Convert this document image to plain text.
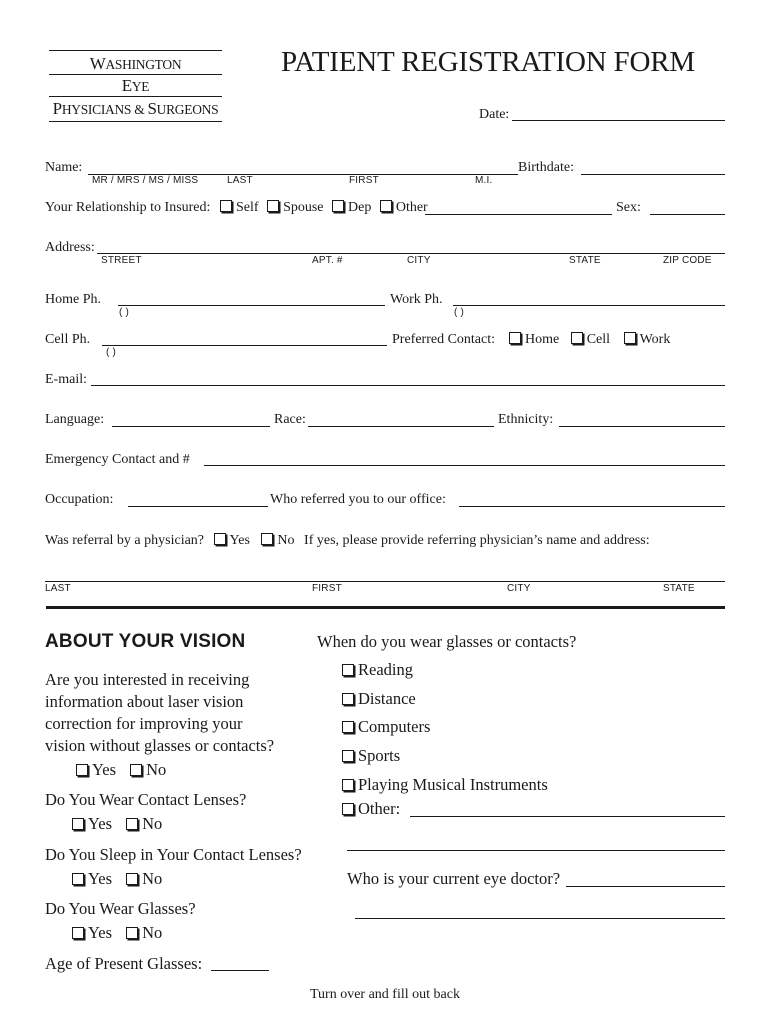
WASHINGTON
EYE
PHYSICIANS & SURGEONS
PATIENT REGISTRATION FORM
Date:
Name:
MR / MRS / MS / MISS	LAST	FIRST	M.I.
Birthdate:
Your Relationship to Insured:	Self Spouse Dep Other	Sex:
Address:
STREET	APT. #	CITY	STATE	ZIP CODE
Home Ph.
( )
Work Ph.
( )
Cell Ph.
( )
Preferred Contact:	Home Cell Work
E-mail:
Language:	Race:	Ethnicity:
Emergency Contact and #
Occupation:	Who referred you to our office:
Was referral by a physician? Yes No If yes, please provide referring physician’s name and address:
LAST	FIRST	CITY	STATE
ABOUT YOUR VISION
Are you interested in receiving
information about laser vision
correction for improving your
vision without glasses or contacts?
Yes No
Do You Wear Contact Lenses?
Yes No
Do You Sleep in Your Contact Lenses?
Yes No
Do You Wear Glasses?
Yes No
Age of Present Glasses:
When do you wear glasses or contacts?
Reading
Distance
Computers
Sports
Playing Musical Instruments
Other:
Who is your current eye doctor?
Turn over and fill out back
